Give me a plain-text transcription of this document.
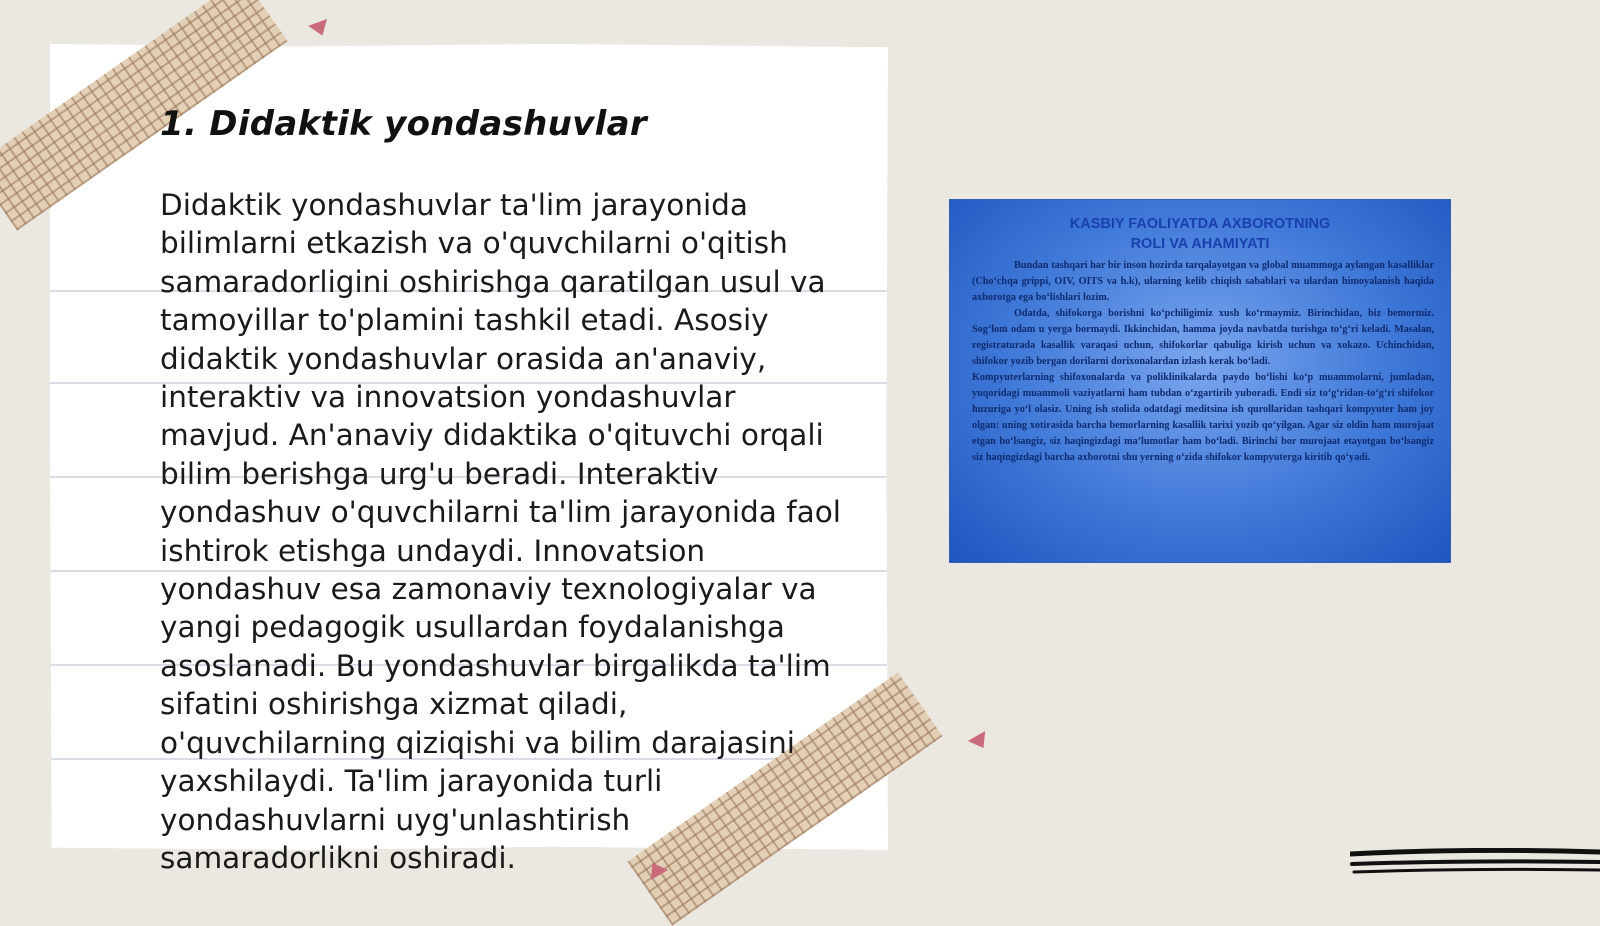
1. Didaktik yondashuvlar

Didaktik yondashuvlar ta'lim jarayonida bilimlarni etkazish va o'quvchilarni o'qitish samaradorligini oshirishga qaratilgan usul va tamoyillar to'plamini tashkil etadi. Asosiy didaktik yondashuvlar orasida an'anaviy, interaktiv va innovatsion yondashuvlar mavjud. An'anaviy didaktika o'qituvchi orqali bilim berishga urg'u beradi. Interaktiv yondashuv o'quvchilarni ta'lim jarayonida faol ishtirok etishga undaydi. Innovatsion yondashuv esa zamonaviy texnologiyalar va yangi pedagogik usullardan foydalanishga asoslanadi. Bu yondashuvlar birgalikda ta'lim sifatini oshirishga xizmat qiladi, o'quvchilarning qiziqishi va bilim darajasini yaxshilaydi. Ta'lim jarayonida turli yondashuvlarni uyg'unlashtirish samaradorlikni oshiradi.

KASBIY FAOLIYATDA AXBOROTNING
ROLI VA AHAMIYATI

Bundan tashqari har bir inson hozirda tarqalayotgan va global muammoga aylangan kasalliklar (Cho‘chqa grippi, OIV, OITS va h.k), ularning kelib chiqish sabablari va ulardan himoyalanish haqida axborotga ega bo‘lishlari lozim.

Odatda, shifokorga borishni ko‘pchiligimiz xush ko‘rmaymiz. Birinchidan, biz bemormiz. Sog‘lom odam u yerga bormaydi. Ikkinchidan, hamma joyda navbatda turishga to‘g‘ri keladi. Masalan, registraturada kasallik varaqasi uchun, shifokorlar qabuliga kirish uchun va xokazo. Uchinchidan, shifokor yozib bergan dorilarni dorixonalardan izlash kerak bo‘ladi.

Kompyuterlarning shifoxonalarda va poliklinikalarda paydo bo‘lishi ko‘p muammolarni, jumladan, yuqoridagi muammoli vaziyatlarni ham tubdan o‘zgartirib yuboradi. Endi siz to‘g‘ridan-to‘g‘ri shifokor huzuriga yo‘l olasiz. Uning ish stolida odatdagi meditsina ish qurollaridan tashqari kompyuter ham joy olgan: uning xotirasida barcha bemorlarning kasallik tarixi yozib qo‘yilgan. Agar siz oldin ham murojaat etgan bo‘lsangiz, siz haqingizdagi ma’lumotlar ham bo‘ladi. Birinchi bor murojaat etayotgan bo‘lsangiz siz haqingizdagi barcha axborotni shu yerning o‘zida shifokor kompyuterga kiritib qo‘yadi.
